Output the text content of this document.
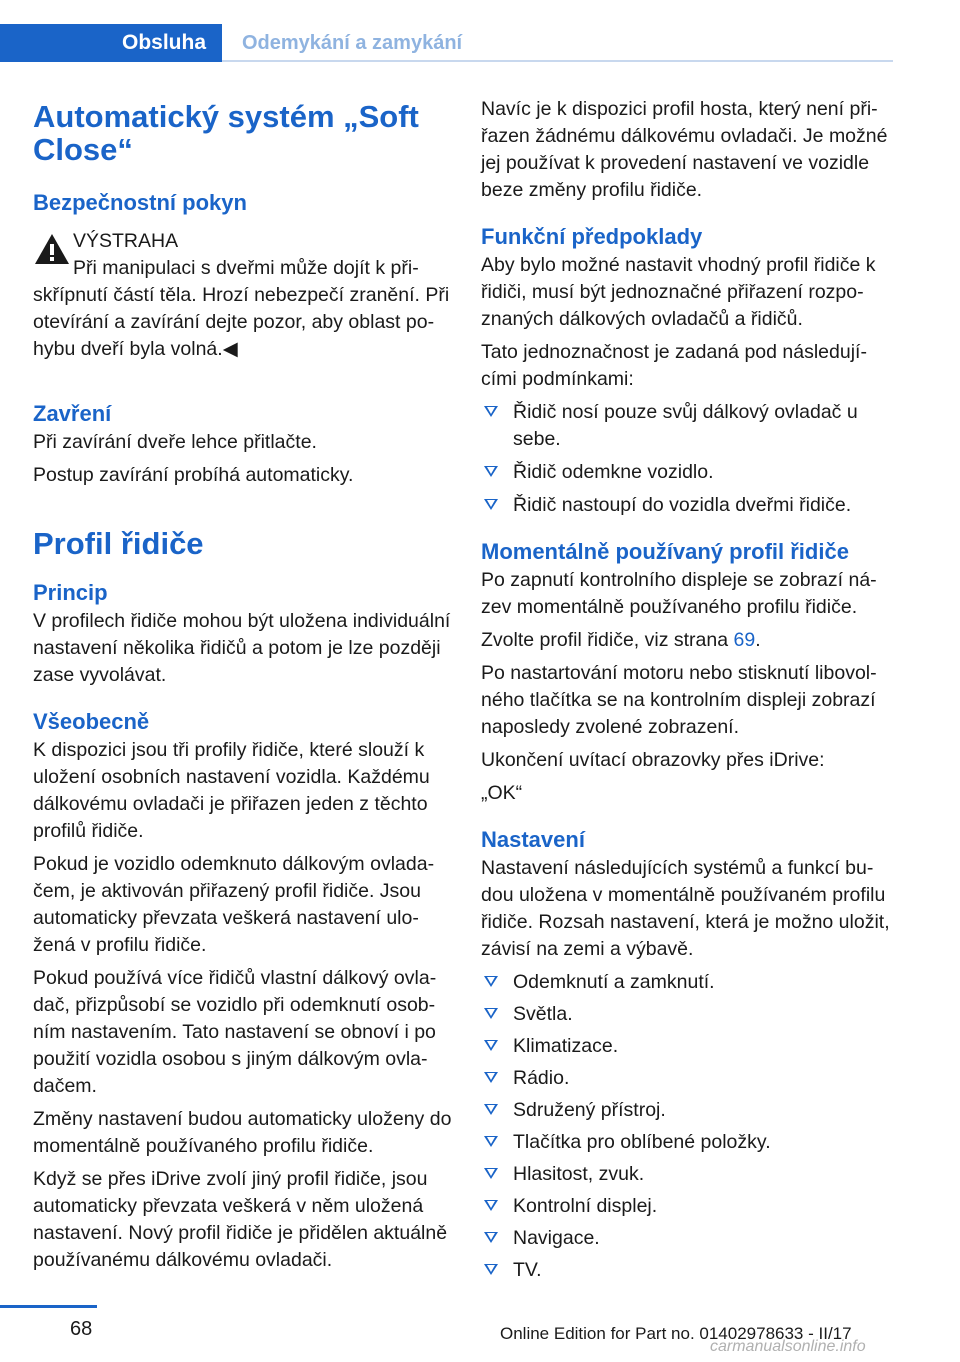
Obsluha	Odemykání a zamykání
Automatický systém „Soft Close“
Bezpečnostní pokyn

VÝSTRAHA

Při manipulaci s dveřmi může dojít k přiskřípnutí částí těla. Hrozí nebezpečí zranění. Při otevírání a zavírání dejte pozor, aby oblast pohybu dveří byla volná.◀

Zavření

Při zavírání dveře lehce přitlačte.

Postup zavírání probíhá automaticky.

Profil řidiče
Princip

V profilech řidiče mohou být uložena individuální nastavení několika řidičů a potom je lze později zase vyvolávat.

Všeobecně

K dispozici jsou tři profily řidiče, které slouží k uložení osobních nastavení vozidla. Každému dálkovému ovladači je přiřazen jeden z těchto profilů řidiče.

Pokud je vozidlo odemknuto dálkovým ovladačem, je aktivován přiřazený profil řidiče. Jsou automaticky převzata veškerá nastavení uložená v profilu řidiče.

Pokud používá více řidičů vlastní dálkový ovladač, přizpůsobí se vozidlo při odemknutí osobním nastavením. Tato nastavení se obnoví i po použití vozidla osobou s jiným dálkovým ovladačem.

Změny nastavení budou automaticky uloženy do momentálně používaného profilu řidiče.

Když se přes iDrive zvolí jiný profil řidiče, jsou automaticky převzata veškerá v něm uložená nastavení. Nový profil řidiče je přidělen aktuálně používanému dálkovému ovladači.

Navíc je k dispozici profil hosta, který není přiřazen žádnému dálkovému ovladači. Je možné jej používat k provedení nastavení ve vozidle beze změny profilu řidiče.

Funkční předpoklady

Aby bylo možné nastavit vhodný profil řidiče k řidiči, musí být jednoznačné přiřazení rozpoznaných dálkových ovladačů a řidičů.

Tato jednoznačnost je zadaná pod následujícími podmínkami:

Řidič nosí pouze svůj dálkový ovladač u sebe.
Řidič odemkne vozidlo.
Řidič nastoupí do vozidla dveřmi řidiče.
Momentálně používaný profil řidiče

Po zapnutí kontrolního displeje se zobrazí název momentálně používaného profilu řidiče.

Zvolte profil řidiče, viz strana 69.

Po nastartování motoru nebo stisknutí libovolného tlačítka se na kontrolním displeji zobrazí naposledy zvolené zobrazení.

Ukončení uvítací obrazovky přes iDrive:

„OK“

Nastavení

Nastavení následujících systémů a funkcí budou uložena v momentálně používaném profilu řidiče. Rozsah nastavení, která je možno uložit, závisí na zemi a výbavě.

Odemknutí a zamknutí.
Světla.
Klimatizace.
Rádio.
Sdružený přístroj.
Tlačítka pro oblíbené položky.
Hlasitost, zvuk.
Kontrolní displej.
Navigace.
TV.
68	Online Edition for Part no. 01402978633 - II/17
carmanualsonline.info
